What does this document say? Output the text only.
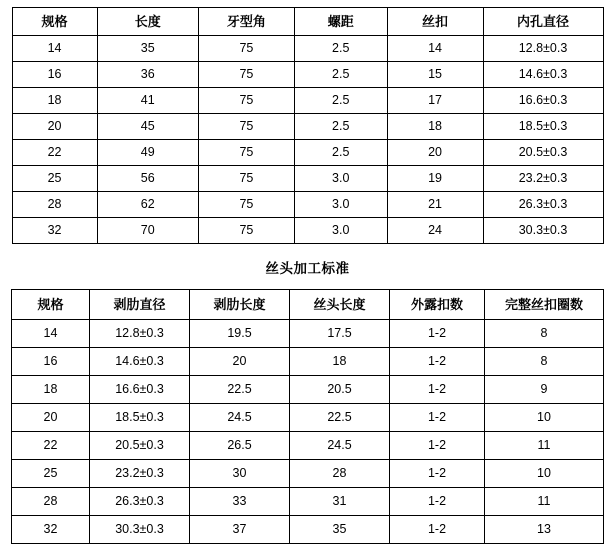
规格	长度	牙型角	螺距	丝扣	内孔直径
14	35	75	2.5	14	12.8±0.3
16	36	75	2.5	15	14.6±0.3
18	41	75	2.5	17	16.6±0.3
20	45	75	2.5	18	18.5±0.3
22	49	75	2.5	20	20.5±0.3
25	56	75	3.0	19	23.2±0.3
28	62	75	3.0	21	26.3±0.3
32	70	75	3.0	24	30.3±0.3
丝头加工标准
规格	剥肋直径	剥肋长度	丝头长度	外露扣数	完整丝扣圈数
14	12.8±0.3	19.5	17.5	1-2	8
16	14.6±0.3	20	18	1-2	8
18	16.6±0.3	22.5	20.5	1-2	9
20	18.5±0.3	24.5	22.5	1-2	10
22	20.5±0.3	26.5	24.5	1-2	11
25	23.2±0.3	30	28	1-2	10
28	26.3±0.3	33	31	1-2	11
32	30.3±0.3	37	35	1-2	13
